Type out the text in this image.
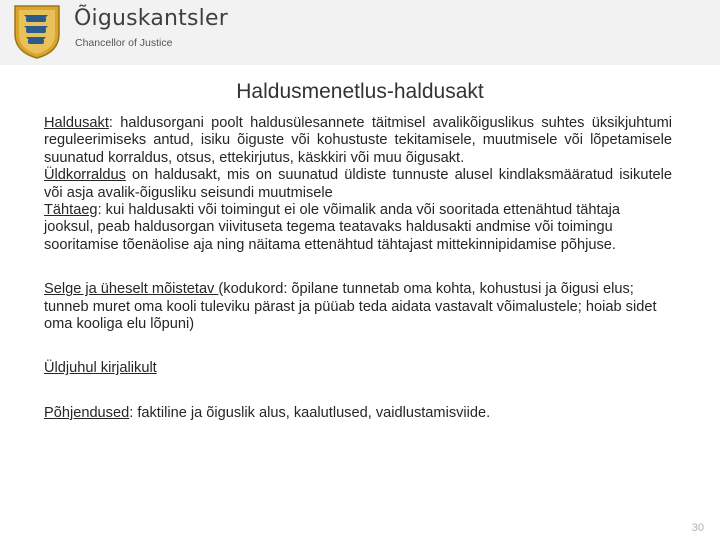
Õiguskantsler
Chancellor of Justice
Haldusmenetlus-haldusakt

Haldusakt: haldusorgani poolt haldusülesannete täitmisel avalikõiguslikus suhtes üksikjuhtumi reguleerimiseks antud, isiku õiguste või kohustuste tekitamisele, muutmisele või lõpetamisele suunatud korraldus, otsus, ettekirjutus, käskkiri või muu õigusakt.

Üldkorraldus on haldusakt, mis on suunatud üldiste tunnuste alusel kindlaksmääratud isikutele või asja avalik-õigusliku seisundi muutmisele

Tähtaeg: kui haldusakti või toimingut ei ole võimalik anda või sooritada ettenähtud tähtaja jooksul, peab haldusorgan viivituseta tegema teatavaks haldusakti andmise või toimingu sooritamise tõenäolise aja ning näitama ettenähtud tähtajast mittekinnipidamise põhjuse.

Selge ja üheselt mõistetav (kodukord: õpilane tunnetab oma kohta, kohustusi ja õigusi elus; tunneb muret oma kooli tuleviku pärast ja püüab teda aidata vastavalt võimalustele; hoiab sidet oma kooliga elu lõpuni)

Üldjuhul kirjalikult

Põhjendused: faktiline ja õiguslik alus, kaalutlused, vaidlustamisviide.

30
